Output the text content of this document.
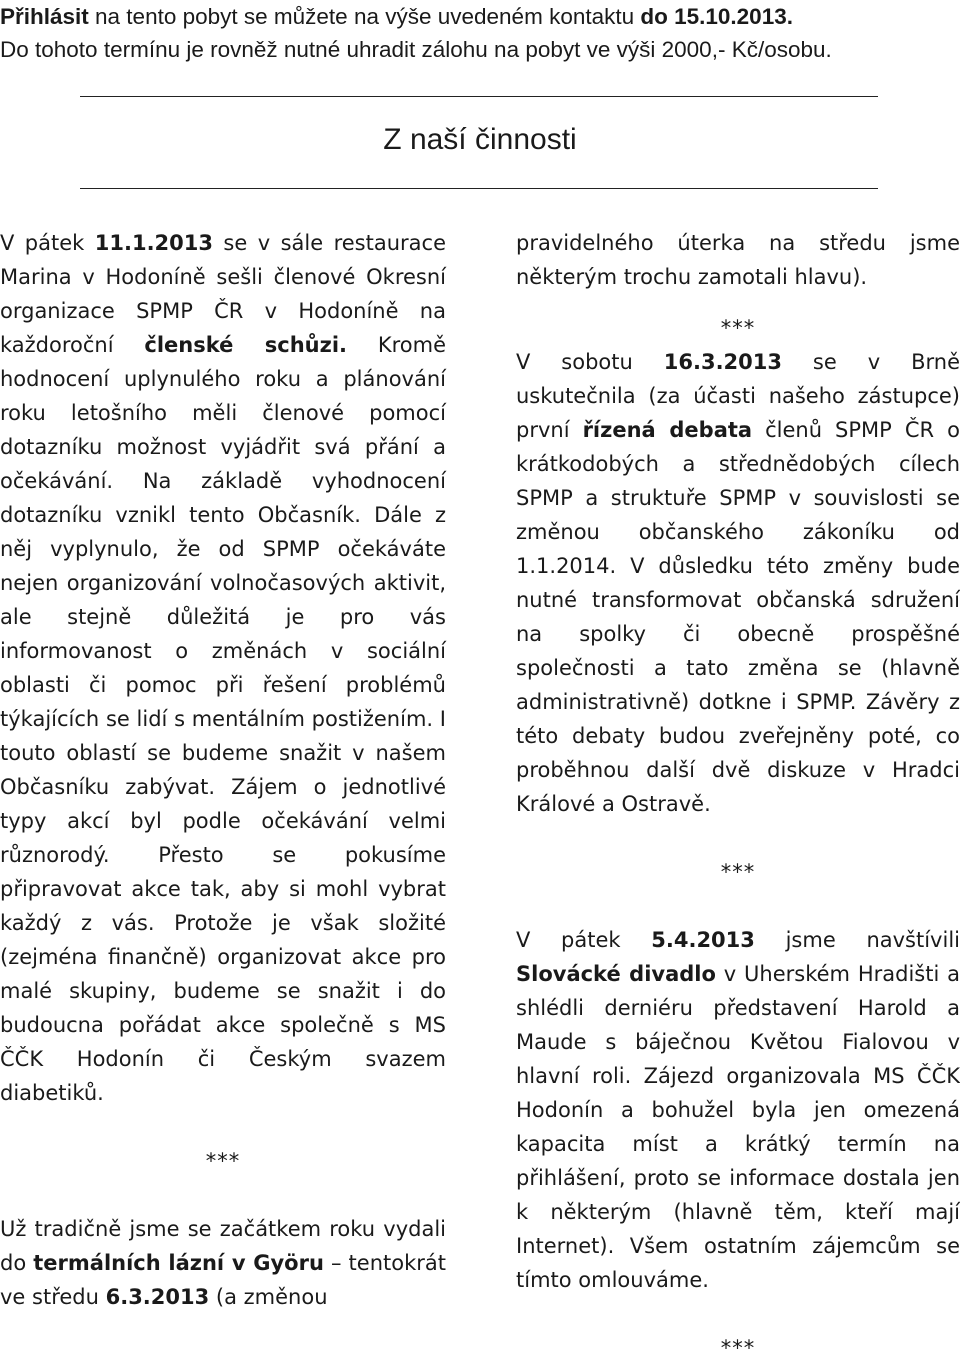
Přihlásit na tento pobyt se můžete na výše uvedeném kontaktu do 15.10.2013.
Do tohoto termínu je rovněž nutné uhradit zálohu na pobyt ve výši 2000,- Kč/osobu.
Z naší činnosti

V pátek 11.1.2013 se v sále restaurace Marina v Hodoníně sešli členové Okresní organizace SPMP ČR v Hodoníně na každoroční členské schůzi. Kromě hodnocení uplynulého roku a plánování roku letošního měli členové pomocí dotazníku možnost vyjádřit svá přání a očekávání. Na základě vyhodnocení dotazníku vznikl tento Občasník. Dále z něj vyplynulo, že od SPMP očekáváte nejen organizování volnočasových aktivit, ale stejně důležitá je pro vás informovanost o změnách v sociální oblasti či pomoc při řešení problémů týkajících se lidí s mentálním postižením. I touto oblastí se budeme snažit v našem Občasníku zabývat. Zájem o jednotlivé typy akcí byl podle očekávání velmi různorodý. Přesto se pokusíme připravovat akce tak, aby si mohl vybrat každý z vás. Protože je však složité (zejména finančně) organizovat akce pro malé skupiny, budeme se snažit i do budoucna pořádat akce společně s MS ČČK Hodonín či Českým svazem diabetiků.

***

Už tradičně jsme se začátkem roku vydali do termálních lázní v Györu – tentokrát ve středu 6.3.2013 (a změnou

pravidelného úterka na středu jsme některým trochu zamotali hlavu).

***

V sobotu 16.3.2013 se v Brně uskutečnila (za účasti našeho zástupce) první řízená debata členů SPMP ČR o krátkodobých a střednědobých cílech SPMP a struktuře SPMP v souvislosti se změnou občanského zákoníku od 1.1.2014. V důsledku této změny bude nutné transformovat občanská sdružení na spolky či obecně prospěšné společnosti a tato změna se (hlavně administrativně) dotkne i SPMP. Závěry z této debaty budou zveřejněny poté, co proběhnou další dvě diskuze v Hradci Králové a Ostravě.

***

V pátek 5.4.2013 jsme navštívili Slovácké divadlo v Uherském Hradišti a shlédli derniéru představení Harold a Maude s báječnou Květou Fialovou v hlavní roli. Zájezd organizovala MS ČČK Hodonín a bohužel byla jen omezená kapacita míst a krátký termín na přihlášení, proto se informace dostala jen k některým (hlavně těm, kteří mají Internet). Všem ostatním zájemcům se tímto omlouváme.

***
